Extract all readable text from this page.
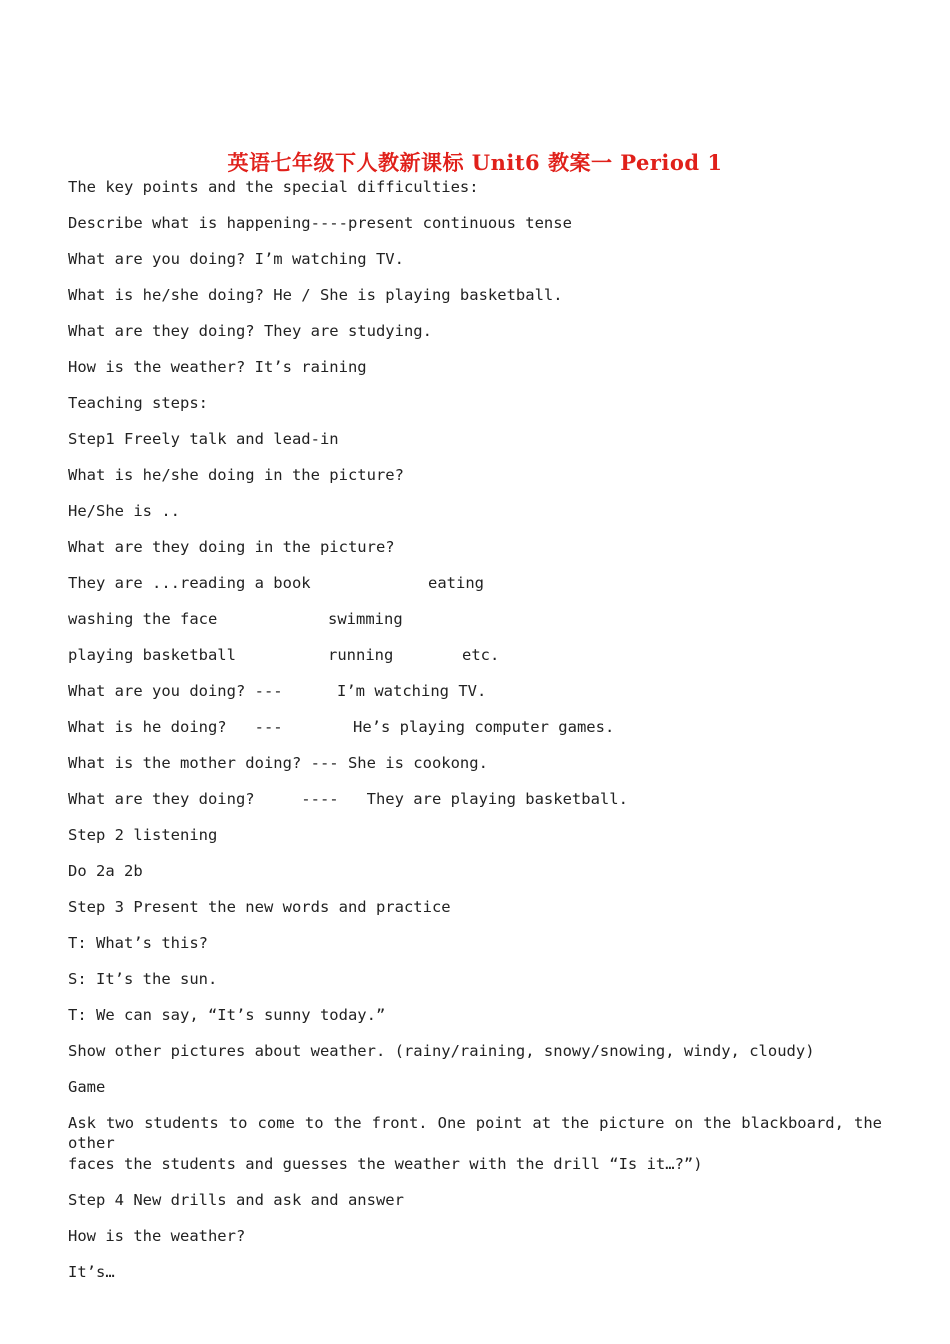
英语七年级下人教新课标 Unit6 教案一 Period 1
The key points and the special difficulties:
Describe what is happening----present continuous tense
What are you doing? I’m watching TV.
What is he/she doing? He / She is playing basketball.
What are they doing? They are studying.
How is the weather? It’s raining
Teaching steps:
Step1 Freely talk and lead-in
What is he/she doing in the picture?
He/She is ..
What are they doing in the picture?
They are ...reading a book	eating
washing the face	swimming
playing basketball	running	etc.
What are you doing? ---	I’m watching TV.
What is he doing?   ---	He’s playing computer games.
What is the mother doing? --- She is cookong.
What are they doing?     ----   They are playing basketball.
Step 2 listening
Do 2a 2b
Step 3 Present the new words and practice
T: What’s this?
S: It’s the sun.
T: We can say, “It’s sunny today.”
Show other pictures about weather. (rainy/raining, snowy/snowing, windy, cloudy)
Game
Ask two students to come to the front. One point at the picture on the blackboard, the other
faces the students and guesses the weather with the drill “Is it…?”)
Step 4 New drills and ask and answer
How is the weather?
It’s…
